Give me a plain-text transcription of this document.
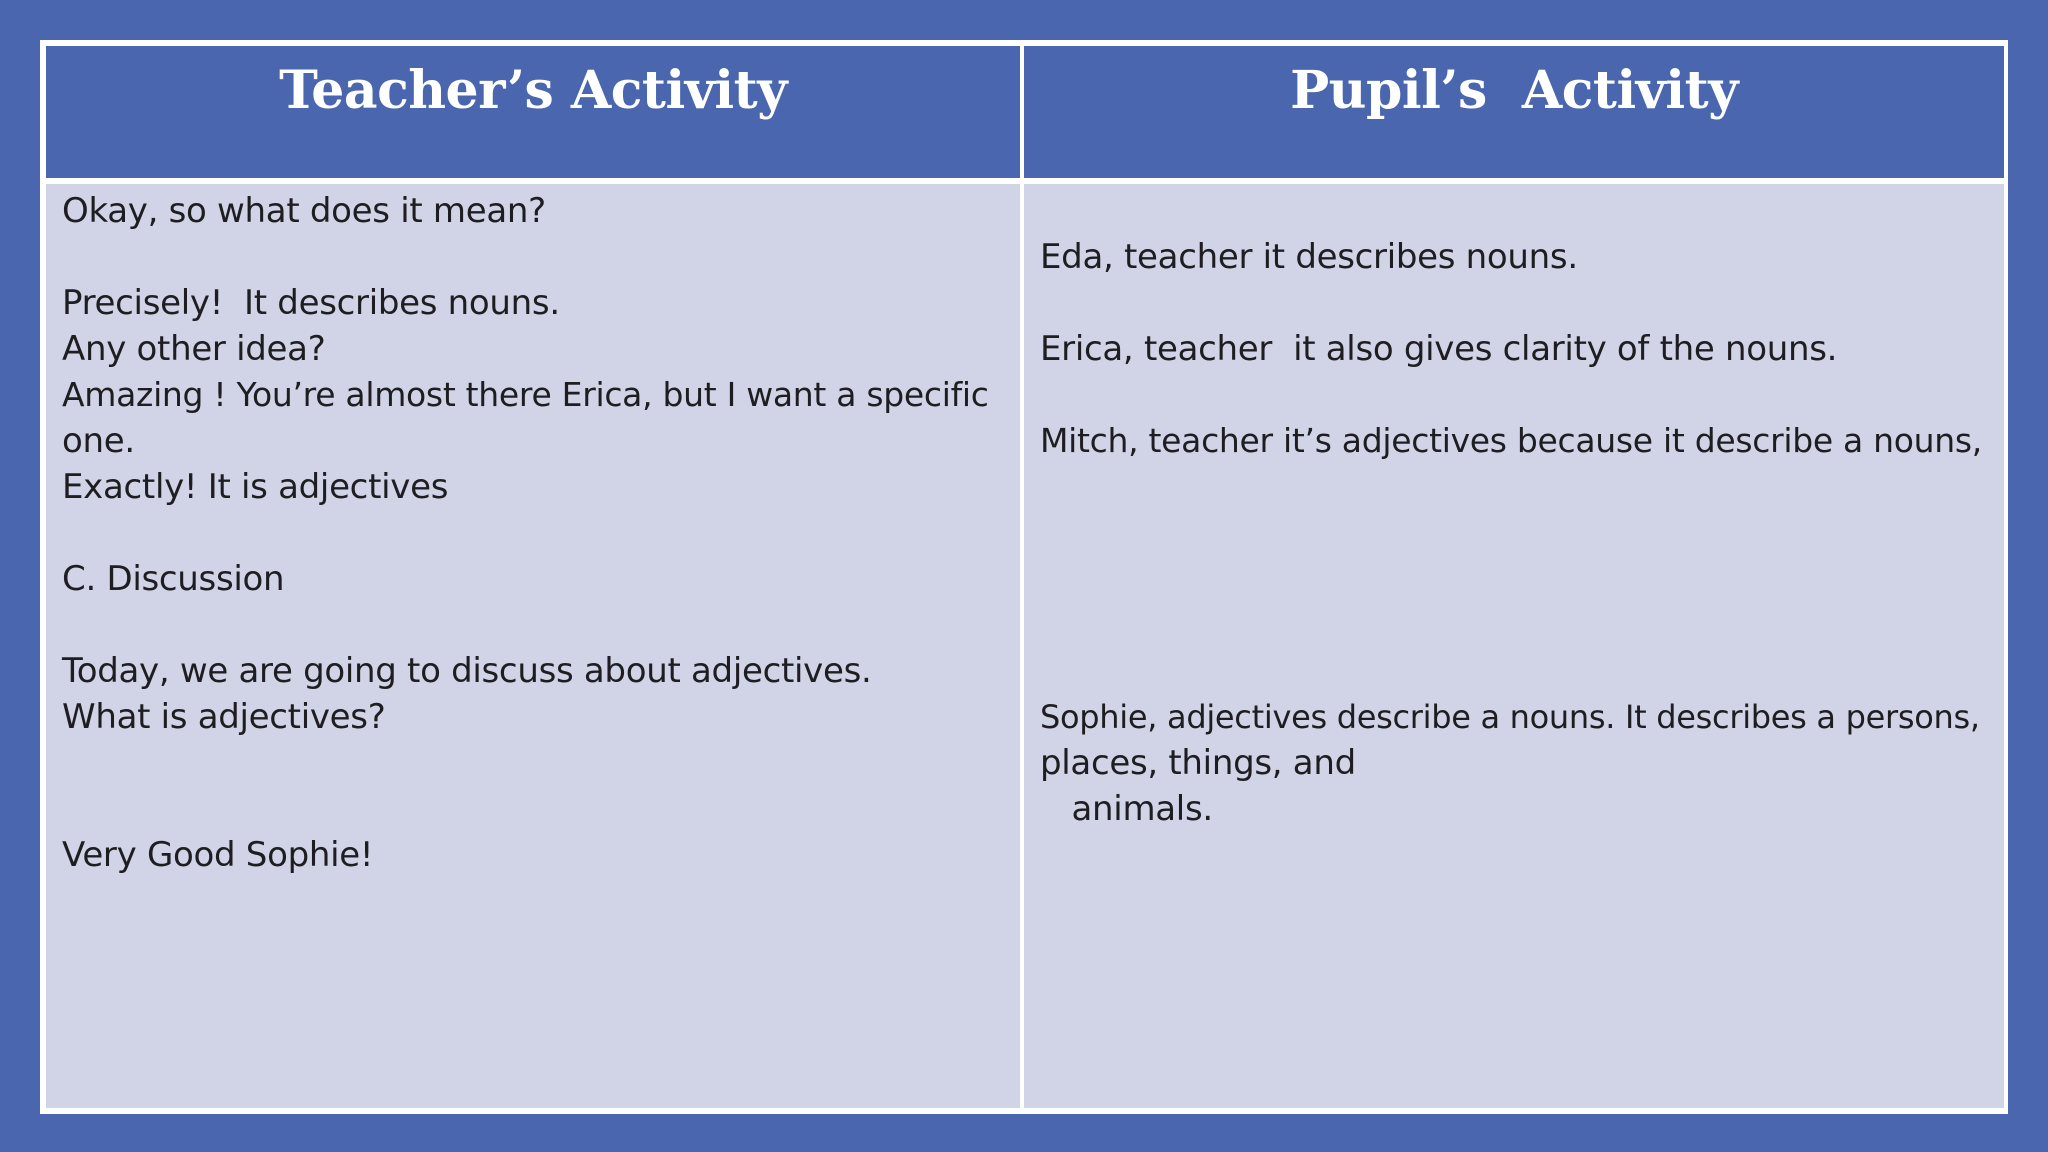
Teacher’s Activity	Pupil’s  Activity
Okay, so what does it mean?
Precisely!  It describes nouns.
Any other idea?
Amazing ! You’re almost there Erica, but I want a specific
one.
Exactly! It is adjectives
C. Discussion
Today, we are going to discuss about adjectives.
What is adjectives?
Very Good Sophie!
Eda, teacher it describes nouns.
Erica, teacher  it also gives clarity of the nouns.
Mitch, teacher it’s adjectives because it describe a nouns,
Sophie, adjectives describe a nouns. It describes a persons,
places, things, and
animals.
